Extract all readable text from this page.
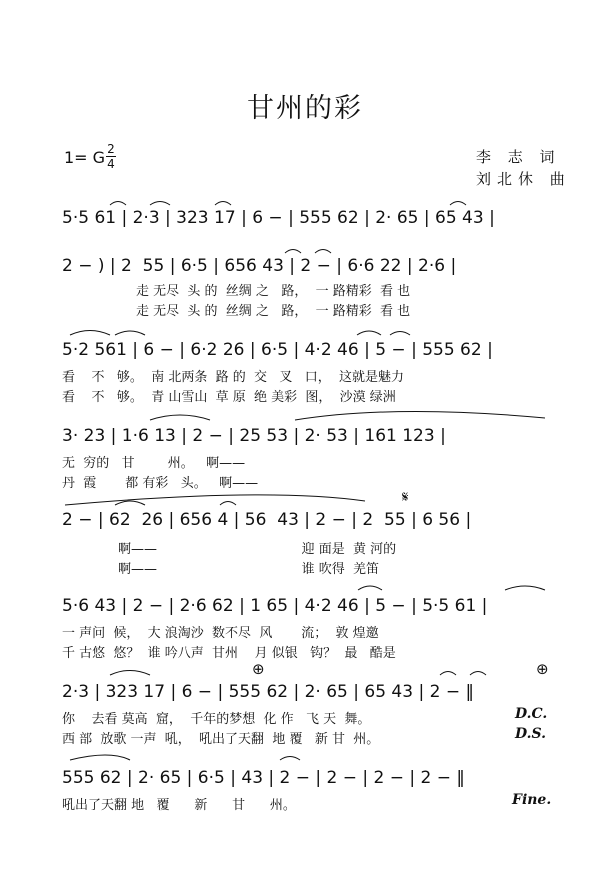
甘州的彩
1= G 2
4	李 志 词
刘北休 曲
5·5 61 | 2·3 | 323 17 | 6 − | 555 62 | 2· 65 | 65 43 |
2 − ) | 2  55 | 6·5 | 656 43 | 2 − | 6·6 22 | 2·6 |
走 无尽  头 的  丝绸 之   路，  一 路精彩  看 也
走 无尽  头 的  丝绸 之   路，  一 路精彩  看 也
5·2 561 | 6 − | 6·2 26 | 6·5 | 4·2 46 | 5 − | 555 62 |
看    不   够。  南 北两条  路 的  交   叉   口，  这就是魅力
看    不   够。  青 山雪山  草 原  绝 美彩  图，  沙漠 绿洲
3· 23 | 1·6 13 | 2 − | 25 53 | 2· 53 | 161 123 |
无  穷的   甘        州。   啊——
丹  霞       都 有彩   头。   啊——
𝄋
2 − | 62  26 | 656 4 | 56  43 | 2 − | 2  55 | 6 56 |
啊——                                   迎 面是  黄 河的
啊——                                   谁 吹得  羌笛
5·6 43 | 2 − | 2·6 62 | 1 65 | 4·2 46 | 5 − | 5·5 61 |
一 声问  候，  大 浪淘沙  数不尽  风       流；  敦 煌邀
千 古悠  悠？  谁 吟八声  甘州    月 似银   钩？  最   酷是
⊕	⊕
2·3 | 323 17 | 6 − | 555 62 | 2· 65 | 65 43 | 2 − ‖
你    去看 莫高  窟，  千年的梦想  化 作   飞 天  舞。
西 部  放歌 一声  吼，  吼出了天翻  地 覆   新 甘  州。
D.C.
D.S.
555 62 | 2· 65 | 6·5 | 43 | 2 − | 2 − | 2 − | 2 − ‖
吼出了天翻 地   覆      新      甘      州。	Fine.
